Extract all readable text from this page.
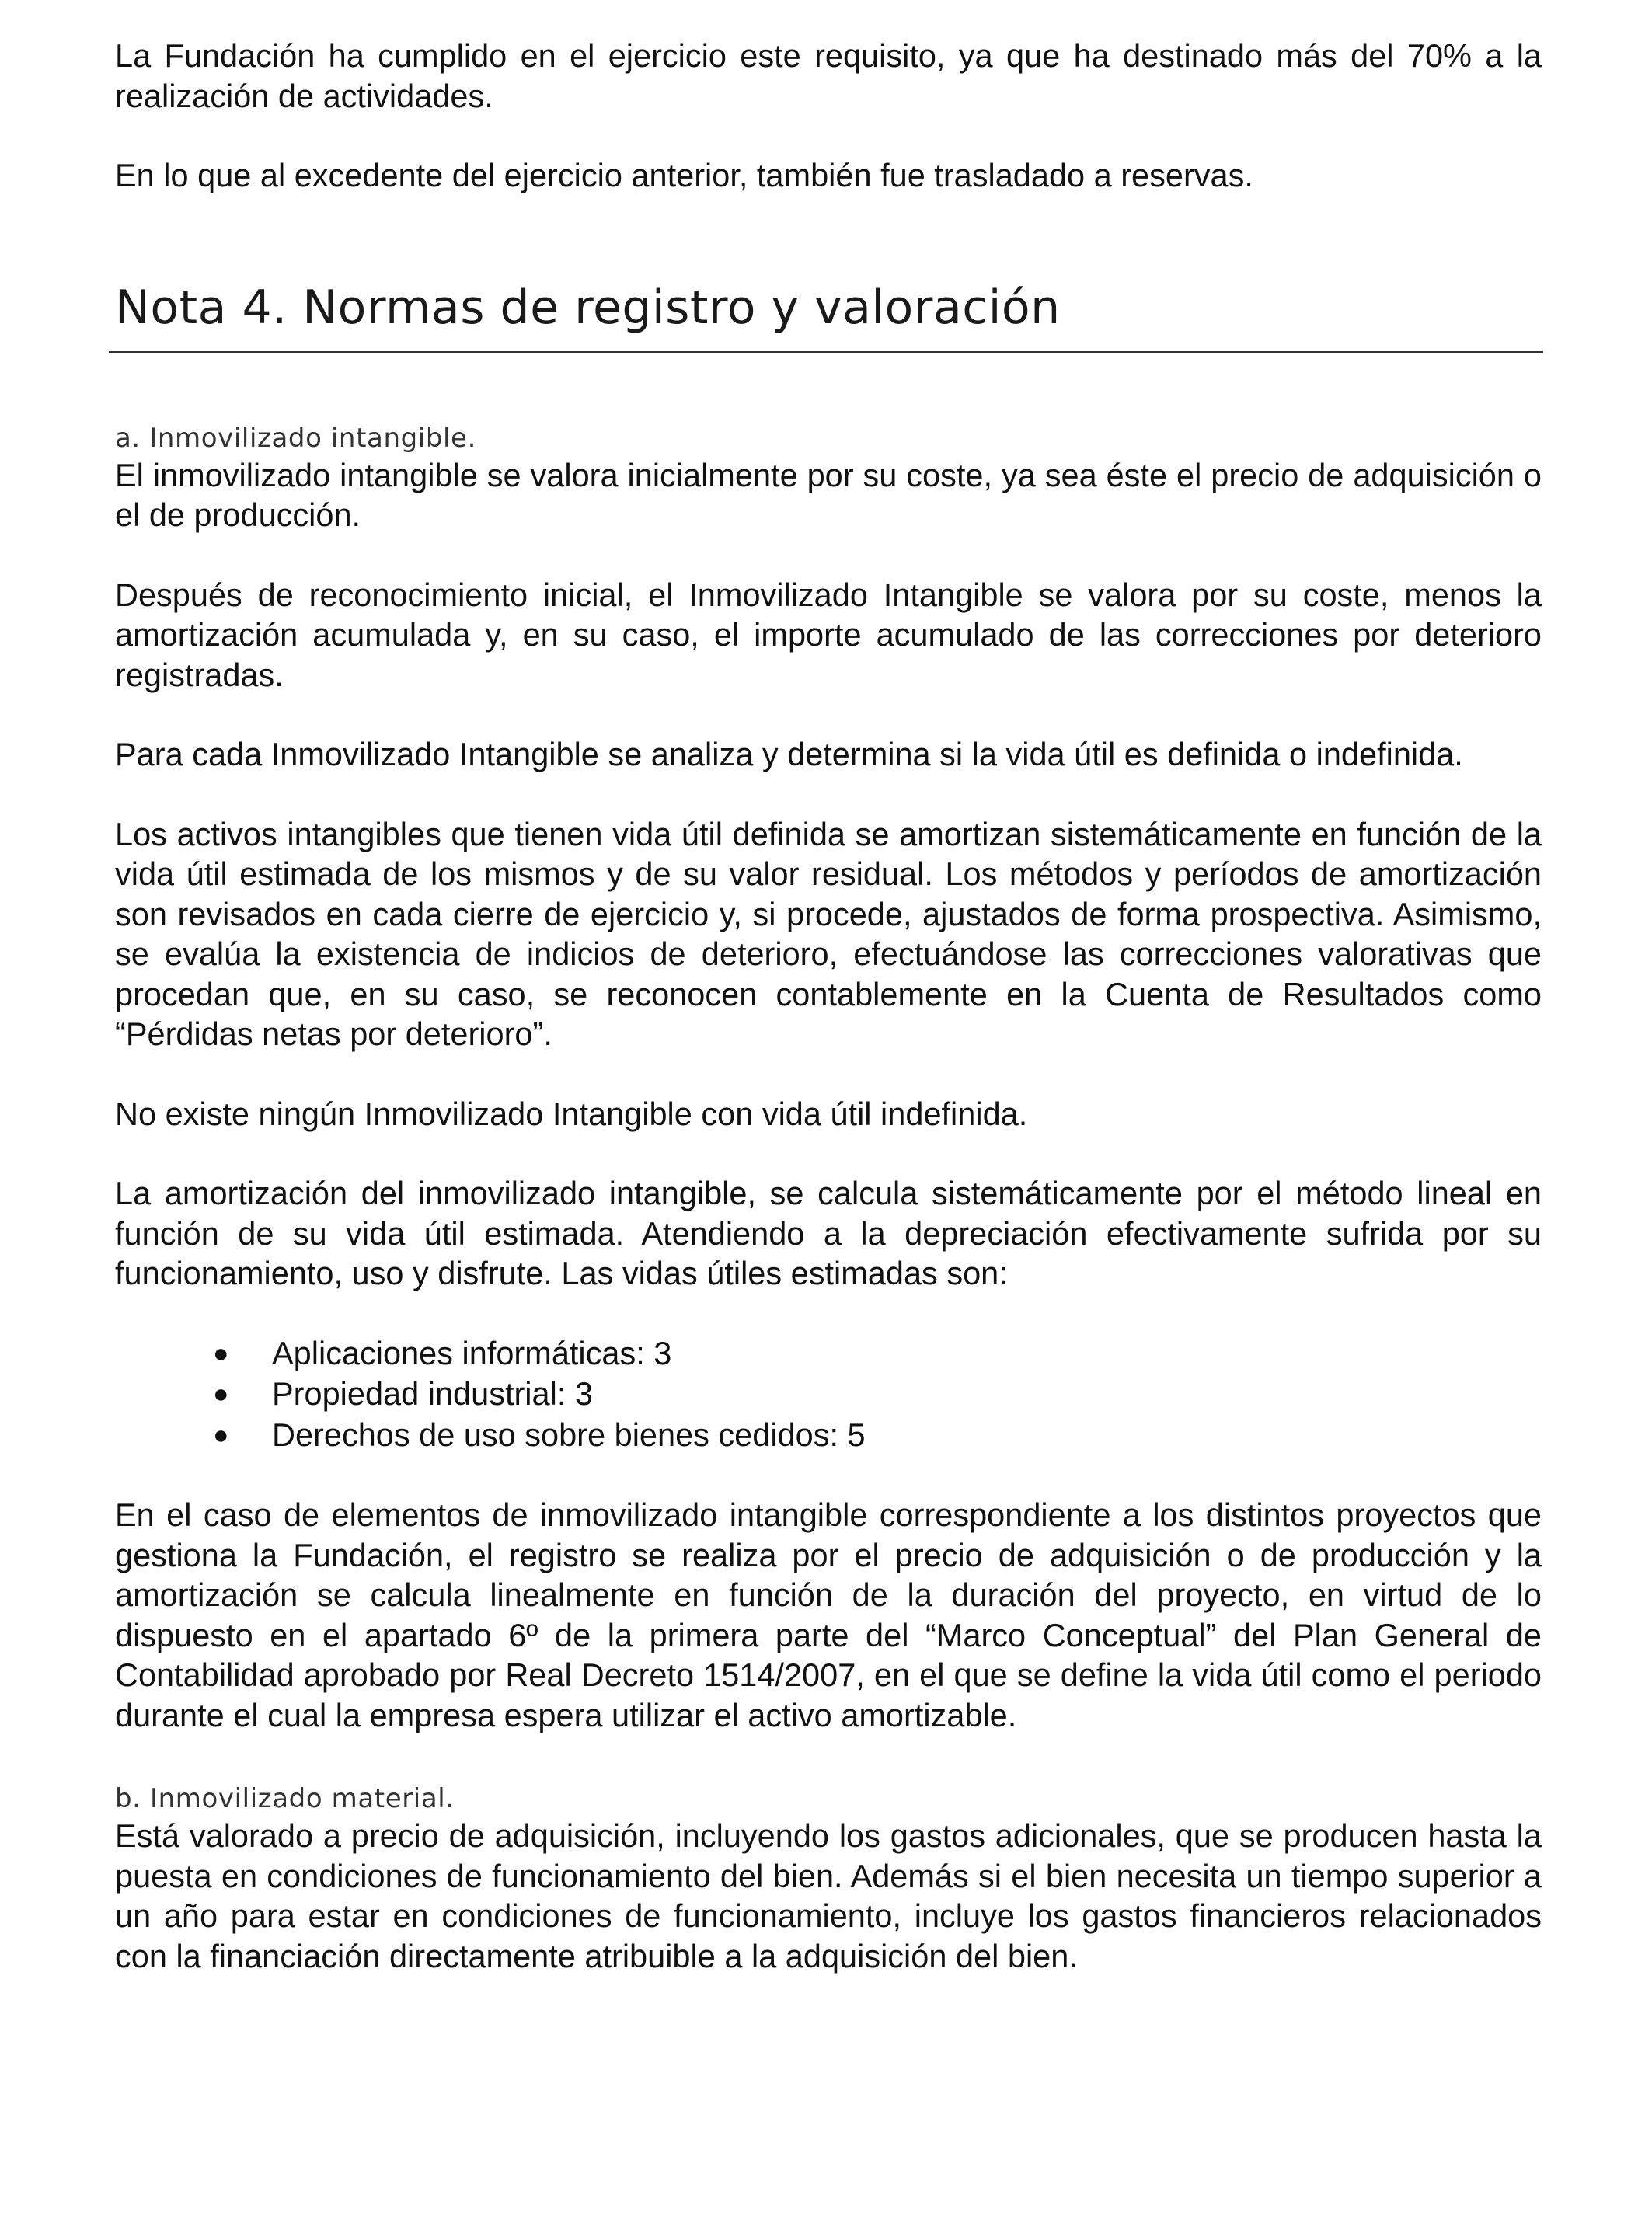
La Fundación ha cumplido en el ejercicio este requisito, ya que ha destinado más del 70% a la realización de actividades.

En lo que al excedente del ejercicio anterior, también fue trasladado a reservas.

Nota 4. Normas de registro y valoración
a. Inmovilizado intangible.

El inmovilizado intangible se valora inicialmente por su coste, ya sea éste el precio de adquisición o el de producción.

Después de reconocimiento inicial, el Inmovilizado Intangible se valora por su coste, menos la amortización acumulada y, en su caso, el importe acumulado de las correcciones por deterioro registradas.

Para cada Inmovilizado Intangible se analiza y determina si la vida útil es definida o indefinida.

Los activos intangibles que tienen vida útil definida se amortizan sistemáticamente en función de la vida útil estimada de los mismos y de su valor residual. Los métodos y períodos de amortización son revisados en cada cierre de ejercicio y, si procede, ajustados de forma prospectiva. Asimismo, se evalúa la existencia de indicios de deterioro, efectuándose las correcciones valorativas que procedan que, en su caso, se reconocen contablemente en la Cuenta de Resultados como “Pérdidas netas por deterioro”.

No existe ningún Inmovilizado Intangible con vida útil indefinida.

La amortización del inmovilizado intangible, se calcula sistemáticamente por el método lineal en función de su vida útil estimada. Atendiendo a la depreciación efectivamente sufrida por su funcionamiento, uso y disfrute. Las vidas útiles estimadas son:

● Aplicaciones informáticas: 3
● Propiedad industrial: 3
● Derechos de uso sobre bienes cedidos: 5

En el caso de elementos de inmovilizado intangible correspondiente a los distintos proyectos que gestiona la Fundación, el registro se realiza por el precio de adquisición o de producción y la amortización se calcula linealmente en función de la duración del proyecto, en virtud de lo dispuesto en el apartado 6º de la primera parte del “Marco Conceptual” del Plan General de Contabilidad aprobado por Real Decreto 1514/2007, en el que se define la vida útil como el periodo durante el cual la empresa espera utilizar el activo amortizable.

b. Inmovilizado material.

Está valorado a precio de adquisición, incluyendo los gastos adicionales, que se producen hasta la puesta en condiciones de funcionamiento del bien. Además si el bien necesita un tiempo superior a un año para estar en condiciones de funcionamiento, incluye los gastos financieros relacionados con la financiación directamente atribuible a la adquisición del bien.
